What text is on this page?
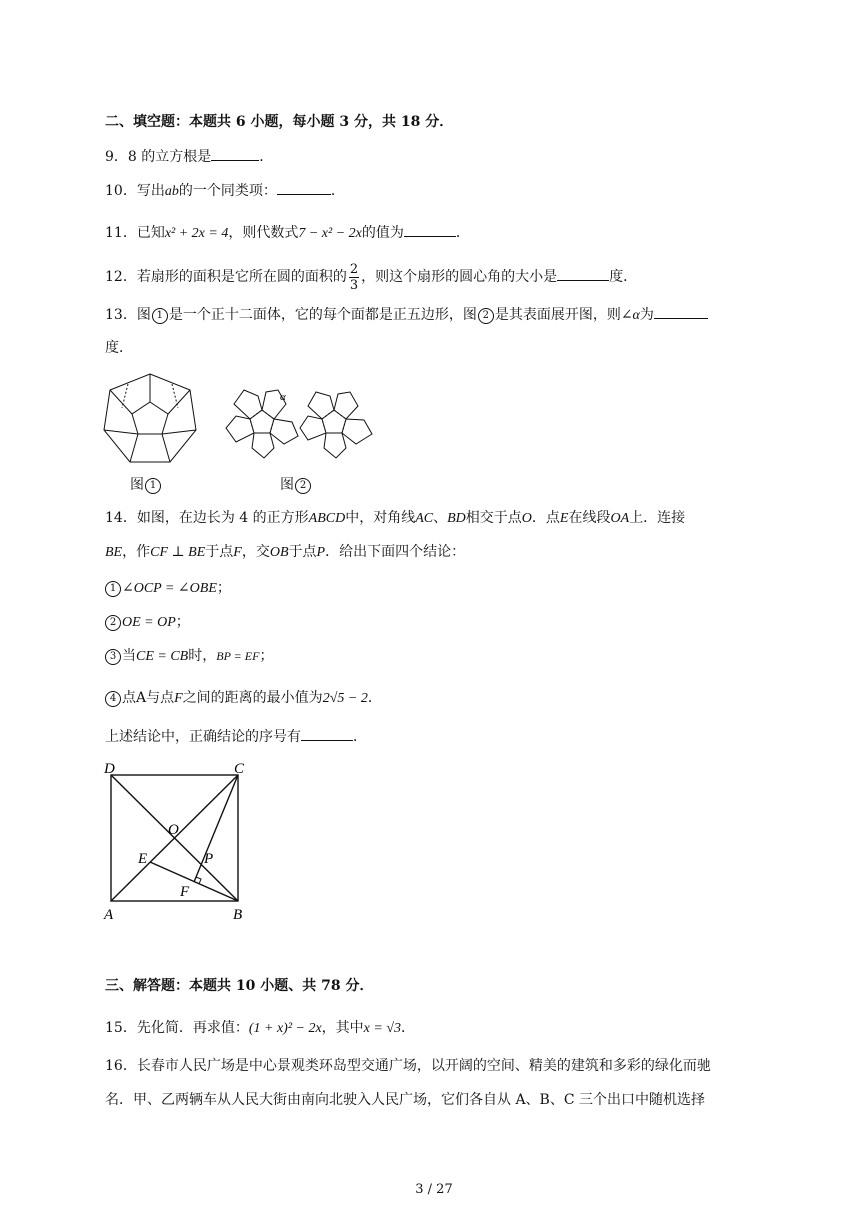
二、填空题：本题共 6 小题，每小题 3 分，共 18 分．
9．8 的立方根是	．
10．写出ab的一个同类项：	．
11．已知x² + 2x = 4，则代数式7 − x² − 2x的值为	．
12．若扇形的面积是它所在圆的面积的 $\frac{2}{3}$ ，则这个扇形的圆心角的大小是	度．
13．图 1 是一个正十二面体，它的每个面都是正五边形，图 2 是其表面展开图，则∠α为
度．
图 1
α
图 2
14．如图，在边长为 4 的正方形ABCD中，对角线AC、BD相交于点O．点E在线段OA上．连接
BE，作CF ⊥ BE于点F，交OB于点P．给出下面四个结论：
1 ∠OCP = ∠OBE；
2 OE = OP；
3 当CE = CB时，BP = EF；
4 点A与点F之间的距离的最小值为2√5 − 2．
上述结论中，正确结论的序号有	．
D	C
O
E	P
F
A	B
三、解答题：本题共 10 小题、共 78 分．
15．先化简．再求值：(1 + x)² − 2x，其中x = √3．
16．长春市人民广场是中心景观类环岛型交通广场，以开阔的空间、精美的建筑和多彩的绿化而驰
名．甲、乙两辆车从人民大街由南向北驶入人民广场，它们各自从 A、B、C 三个出口中随机选择
3 / 27
